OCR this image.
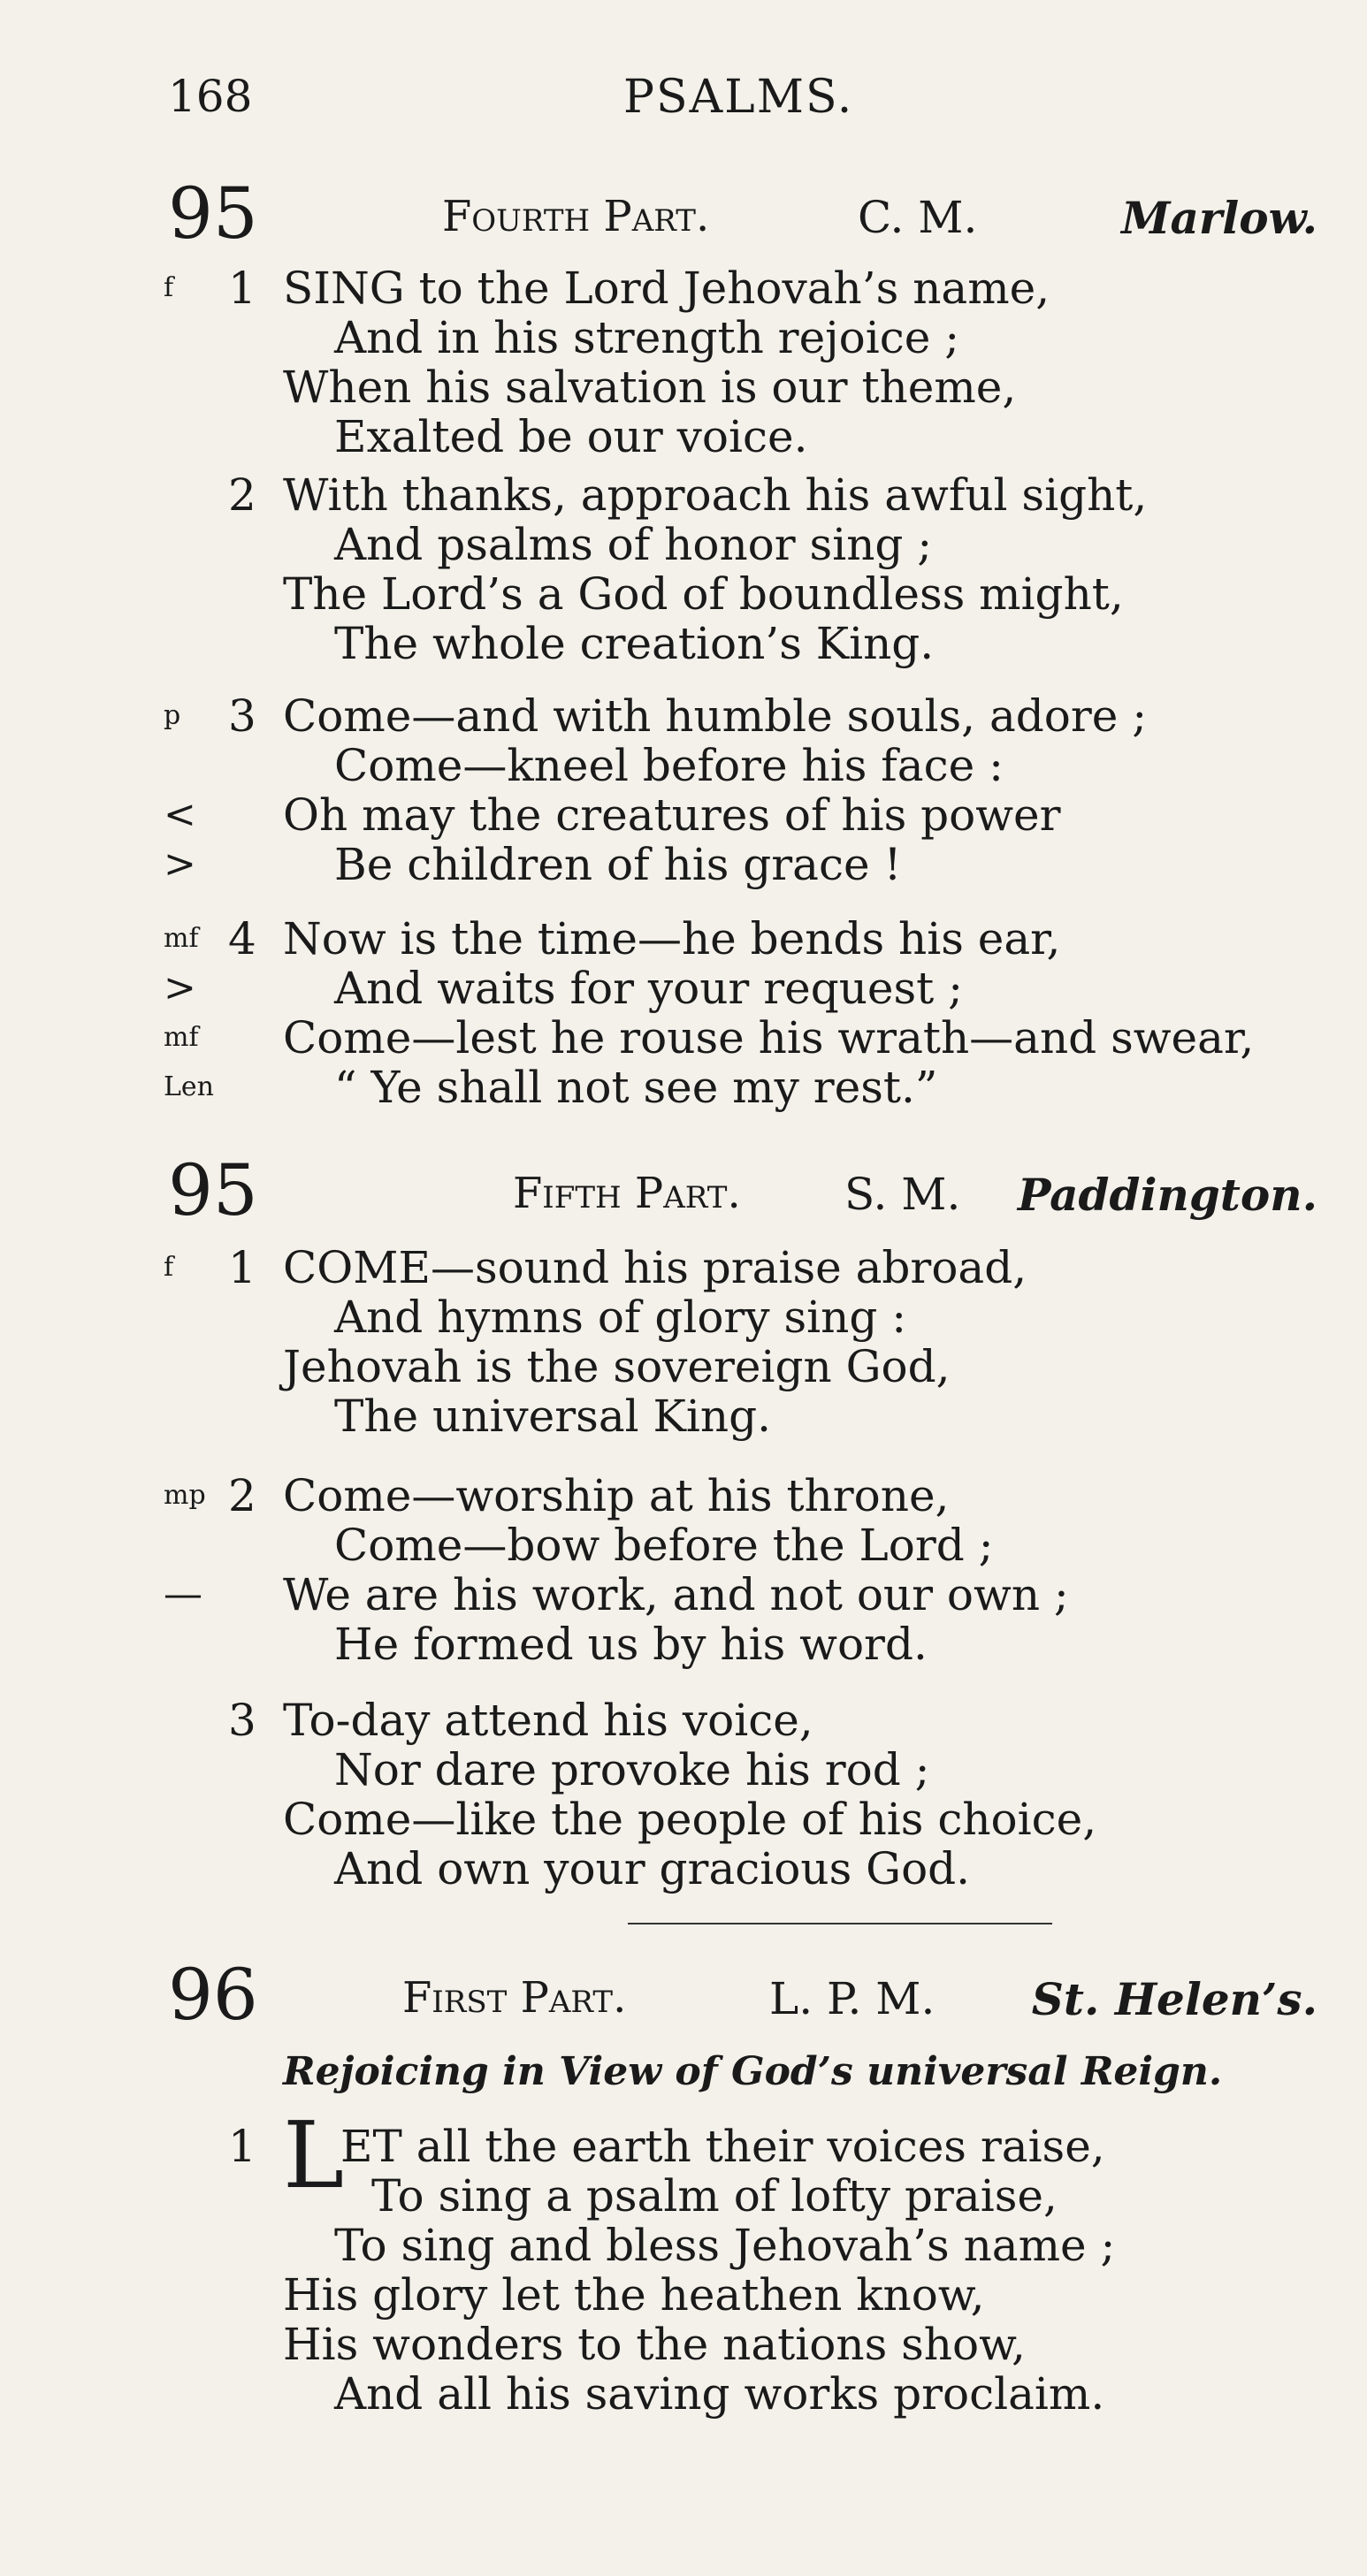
168	PSALMS.
95	Fourth Part.	C. M.	Marlow.
f 1 SING to the Lord Jehovah’s name,
And in his strength rejoice ;
When his salvation is our theme,
Exalted be our voice.
2 With thanks, approach his awful sight,
And psalms of honor sing ;
The Lord’s a God of boundless might,
The whole creation’s King.
p 3 Come—and with humble souls, adore ;
Come—kneel before his face :
< Oh may the creatures of his power
>	Be children of his grace !
mf 4 Now is the time—he bends his ear,
>	And waits for your request ;
mf Come—lest he rouse his wrath—and swear,
Len	“ Ye shall not see my rest.”
95	Fifth Part. S. M. Paddington.
f 1 COME—sound his praise abroad,
And hymns of glory sing :
Jehovah is the sovereign God,
The universal King.
mp 2 Come—worship at his throne,
Come—bow before the Lord ;
— We are his work, and not our own ;
He formed us by his word.
3 To-day attend his voice,
Nor dare provoke his rod ;
Come—like the people of his choice,
And own your gracious God.
96	First Part.	L. P. M. St. Helen’s.
Rejoicing in View of God’s universal Reign.
1 L
ET all the earth their voices raise,
To sing a psalm of lofty praise,
To sing and bless Jehovah’s name ;
His glory let the heathen know,
His wonders to the nations show,
And all his saving works proclaim.
